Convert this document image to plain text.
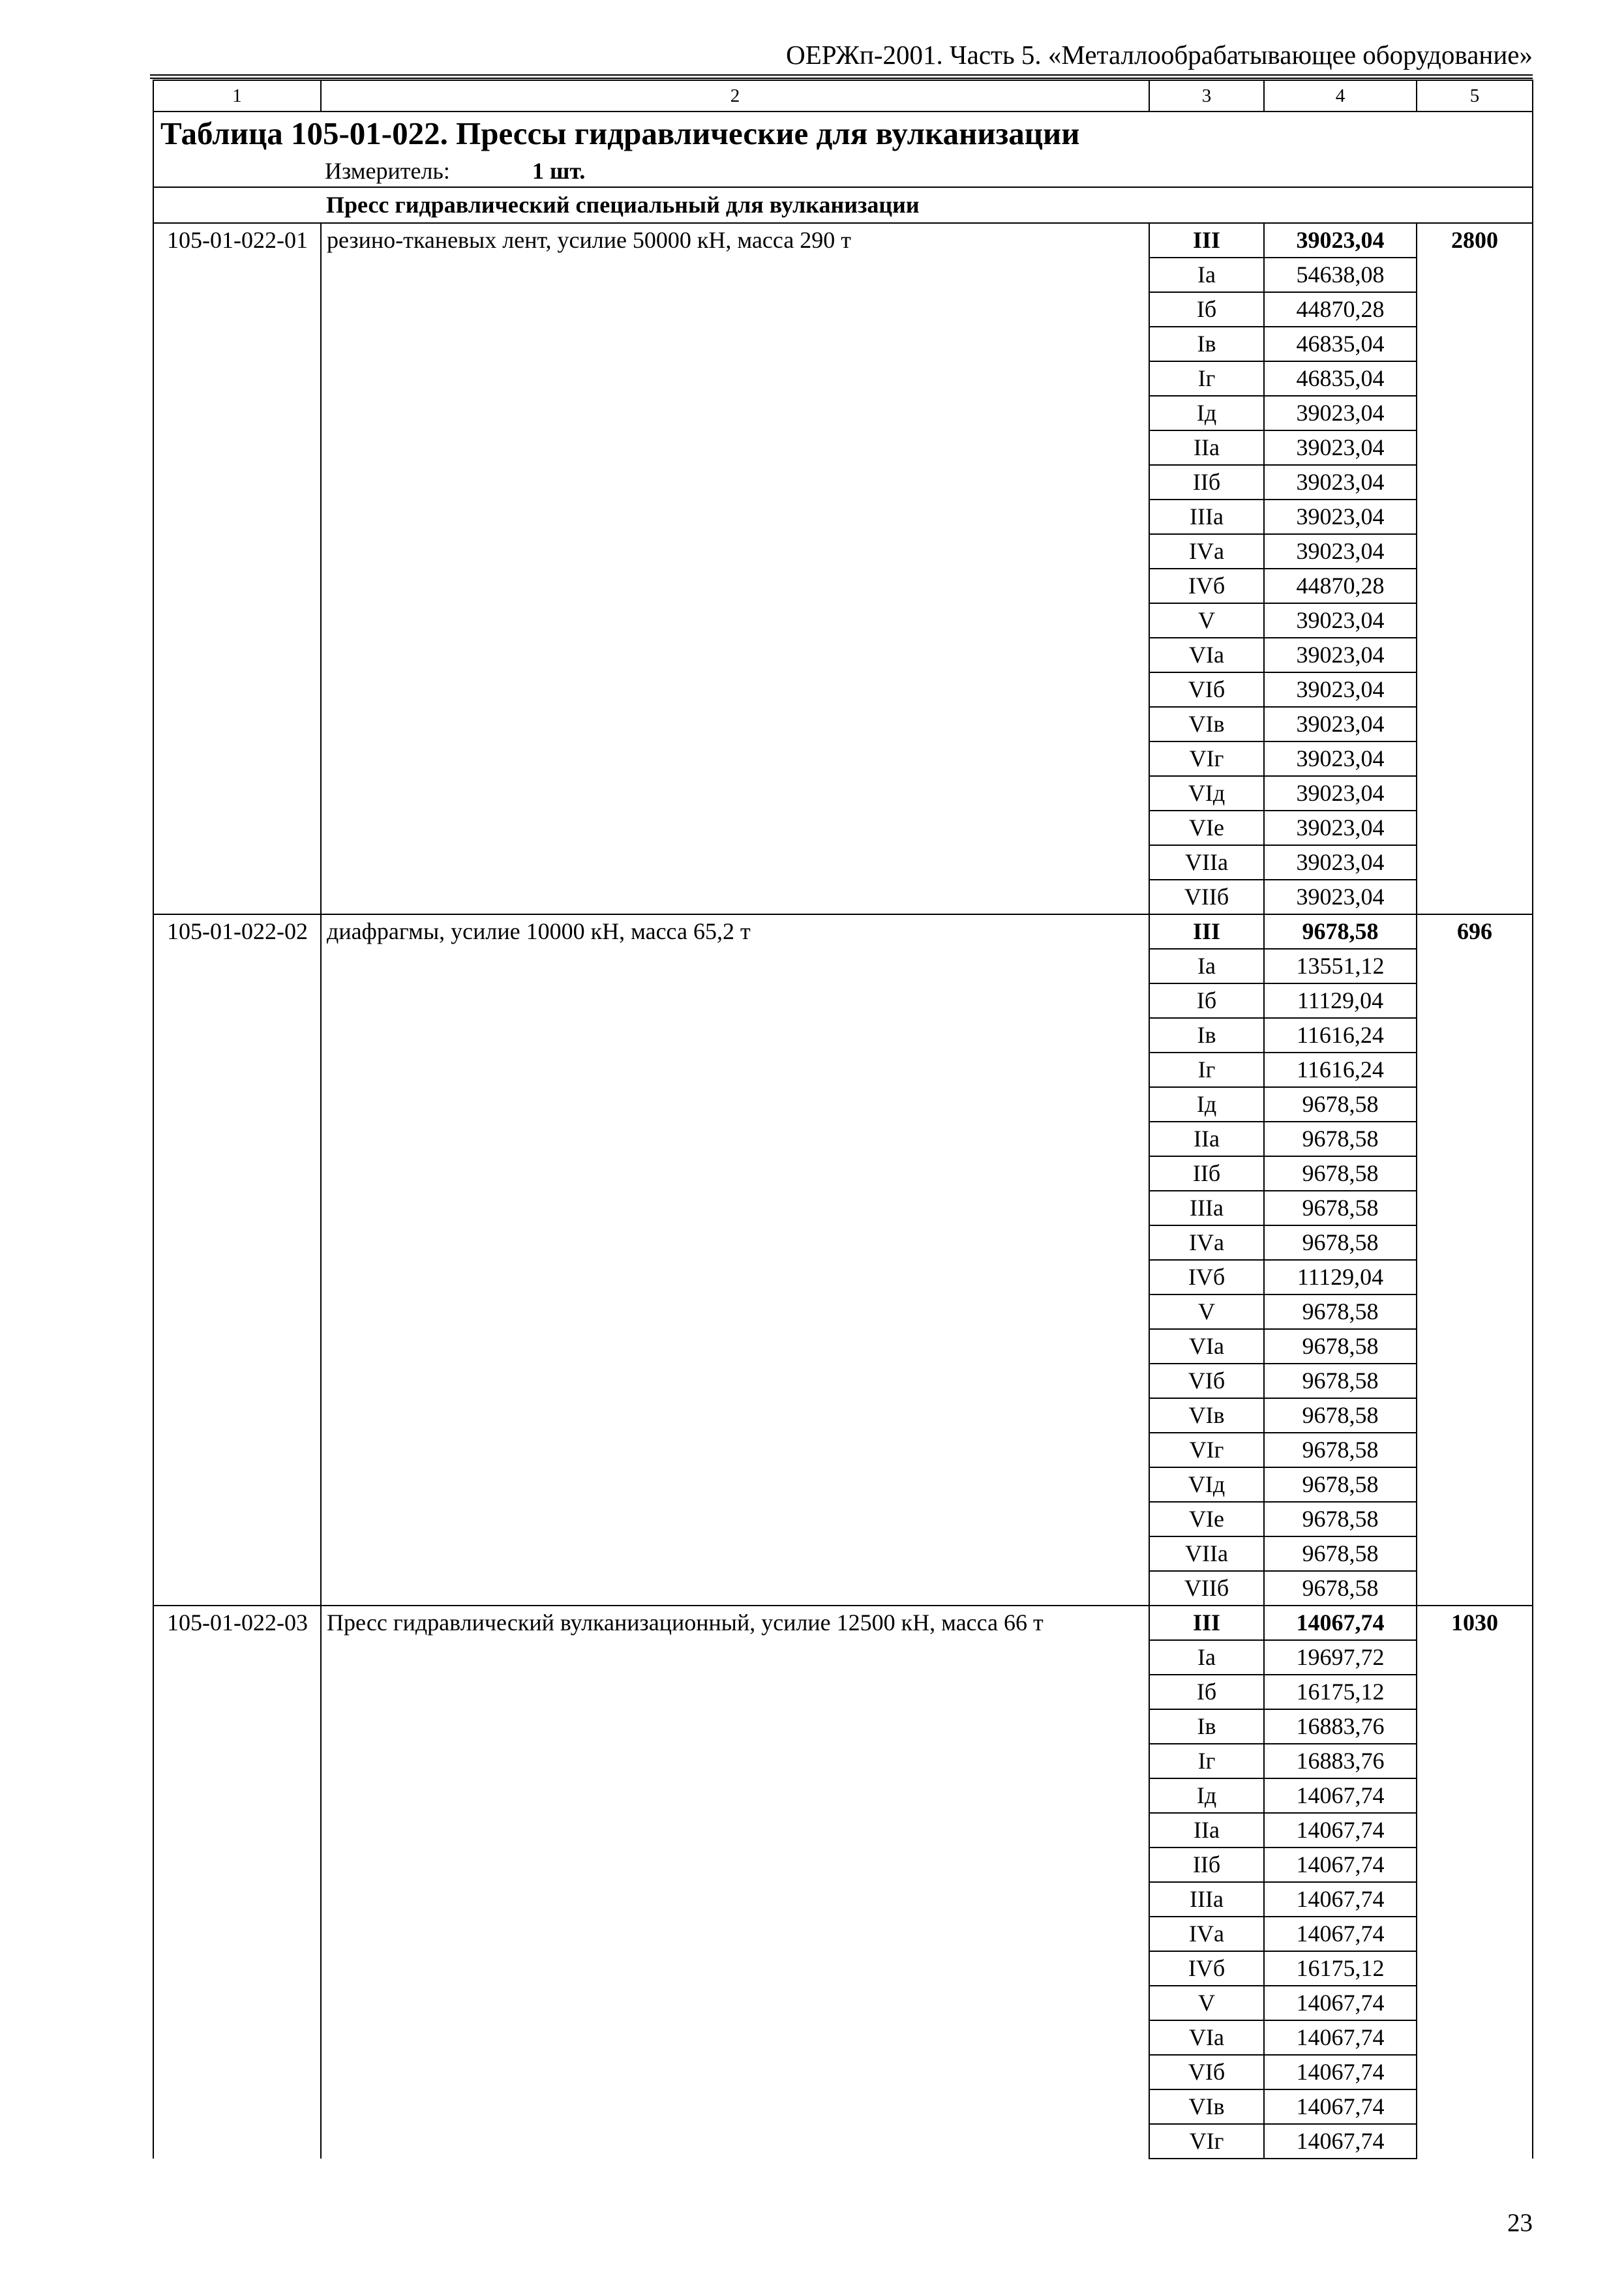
ОЕРЖп-2001. Часть 5. «Металлообрабатывающее оборудование»
1	2	3	4	5
Таблица 105-01-022. Прессы гидравлические для вулканизации				
Измеритель: 1 шт.				
Пресс гидравлический специальный для вулканизации				
105-01-022-01	резино-тканевых лент, усилие 50000 кН, масса 290 т	III	39023,04	2800
		Iа	54638,08	
		Iб	44870,28	
		Iв	46835,04	
		Iг	46835,04	
		Iд	39023,04	
		IIа	39023,04	
		IIб	39023,04	
		IIIа	39023,04	
		IVа	39023,04	
		IVб	44870,28	
		V	39023,04	
		VIа	39023,04	
		VIб	39023,04	
		VIв	39023,04	
		VIг	39023,04	
		VIд	39023,04	
		VIе	39023,04	
		VIIа	39023,04	
		VIIб	39023,04	
105-01-022-02	диафрагмы, усилие 10000 кН, масса 65,2 т	III	9678,58	696
		Iа	13551,12	
		Iб	11129,04	
		Iв	11616,24	
		Iг	11616,24	
		Iд	9678,58	
		IIа	9678,58	
		IIб	9678,58	
		IIIа	9678,58	
		IVа	9678,58	
		IVб	11129,04	
		V	9678,58	
		VIа	9678,58	
		VIб	9678,58	
		VIв	9678,58	
		VIг	9678,58	
		VIд	9678,58	
		VIе	9678,58	
		VIIа	9678,58	
		VIIб	9678,58	
105-01-022-03	Пресс гидравлический вулканизационный, усилие 12500 кН, масса 66 т	III	14067,74	1030
		Iа	19697,72	
		Iб	16175,12	
		Iв	16883,76	
		Iг	16883,76	
		Iд	14067,74	
		IIа	14067,74	
		IIб	14067,74	
		IIIа	14067,74	
		IVа	14067,74	
		IVб	16175,12	
		V	14067,74	
		VIа	14067,74	
		VIб	14067,74	
		VIв	14067,74	
		VIг	14067,74	
23
